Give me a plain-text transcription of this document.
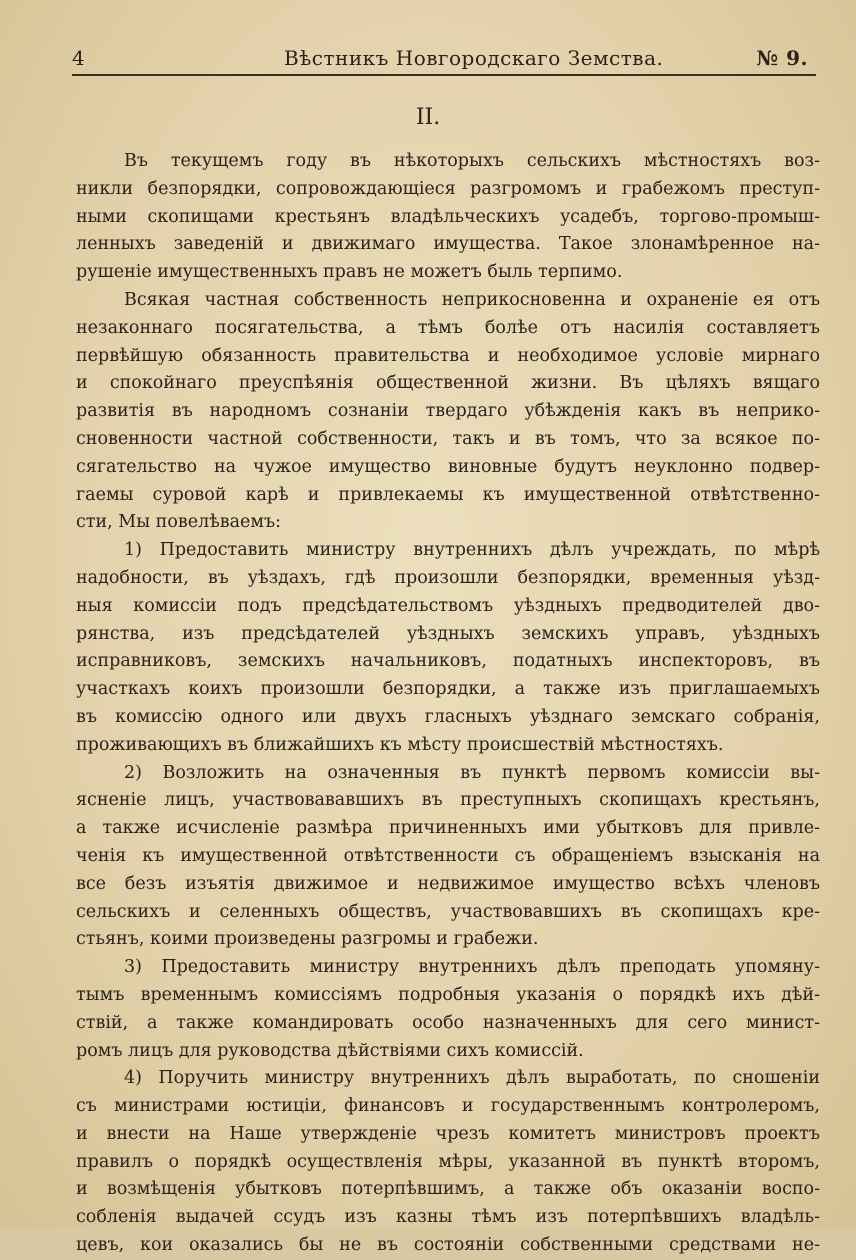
4	Вѣстникъ Новгородскаго Земства.	№ 9.
II.
Въ текущемъ году въ нѣкоторыхъ сельскихъ мѣстностяхъ воз-
никли безпорядки, сопровождающіеся разгромомъ и грабежомъ преступ-
ными скопищами крестьянъ владѣльческихъ усадебъ, торгово-промыш-
ленныхъ заведеній и движимаго имущества. Такое злонамѣренное на-
рушеніе имущественныхъ правъ не можетъ быль терпимо.
Всякая частная собственность неприкосновенна и охраненіе ея отъ
незаконнаго посягательства, а тѣмъ болѣе отъ насилія составляетъ
первѣйшую обязанность правительства и необходимое условіе мирнаго
и спокойнаго преуспѣянія общественной жизни. Въ цѣляхъ вящаго
развитія въ народномъ сознаніи твердаго убѣжденія какъ въ неприко-
сновенности частной собственности, такъ и въ томъ, что за всякое по-
сягательство на чужое имущество виновные будутъ неуклонно подвер-
гаемы суровой карѣ и привлекаемы къ имущественной отвѣтственно-
сти, Мы повелѣваемъ:
1) Предоставить министру внутреннихъ дѣлъ учреждать, по мѣрѣ
надобности, въ уѣздахъ, гдѣ произошли безпорядки, временныя уѣзд-
ныя комиссіи подъ предсѣдательствомъ уѣздныхъ предводителей дво-
рянства, изъ предсѣдателей уѣздныхъ земскихъ управъ, уѣздныхъ
исправниковъ, земскихъ начальниковъ, податныхъ инспекторовъ, въ
участкахъ коихъ произошли безпорядки, а также изъ приглашаемыхъ
въ комиссію одного или двухъ гласныхъ уѣзднаго земскаго собранія,
проживающихъ въ ближайшихъ къ мѣсту происшествій мѣстностяхъ.
2) Возложить на означенныя въ пунктѣ первомъ комиссіи вы-
ясненіе лицъ, участвовававшихъ въ преступныхъ скопищахъ крестьянъ,
а также исчисленіе размѣра причиненныхъ ими убытковъ для привле-
ченія къ имущественной отвѣтственности съ обращеніемъ взысканія на
все безъ изъятія движимое и недвижимое имущество всѣхъ членовъ
сельскихъ и селенныхъ обществъ, участвовавшихъ въ скопищахъ кре-
стьянъ, коими произведены разгромы и грабежи.
3) Предоставить министру внутреннихъ дѣлъ преподать упомяну-
тымъ временнымъ комиссіямъ подробныя указанія о порядкѣ ихъ дѣй-
ствій, а также командировать особо назначенныхъ для сего минист-
ромъ лицъ для руководства дѣйствіями сихъ комиссій.
4) Поручить министру внутреннихъ дѣлъ выработать, по сношеніи
съ министрами юстиціи, финансовъ и государственнымъ контролеромъ,
и внести на Наше утвержденіе чрезъ комитетъ министровъ проектъ
правилъ о порядкѣ осуществленія мѣры, указанной въ пунктѣ второмъ,
и возмѣщенія убытковъ потерпѣвшимъ, а также объ оказаніи воспо-
собленія выдачей ссудъ изъ казны тѣмъ изъ потерпѣвшихъ владѣль-
цевъ, кои оказались бы не въ состояніи собственными средствами не-
